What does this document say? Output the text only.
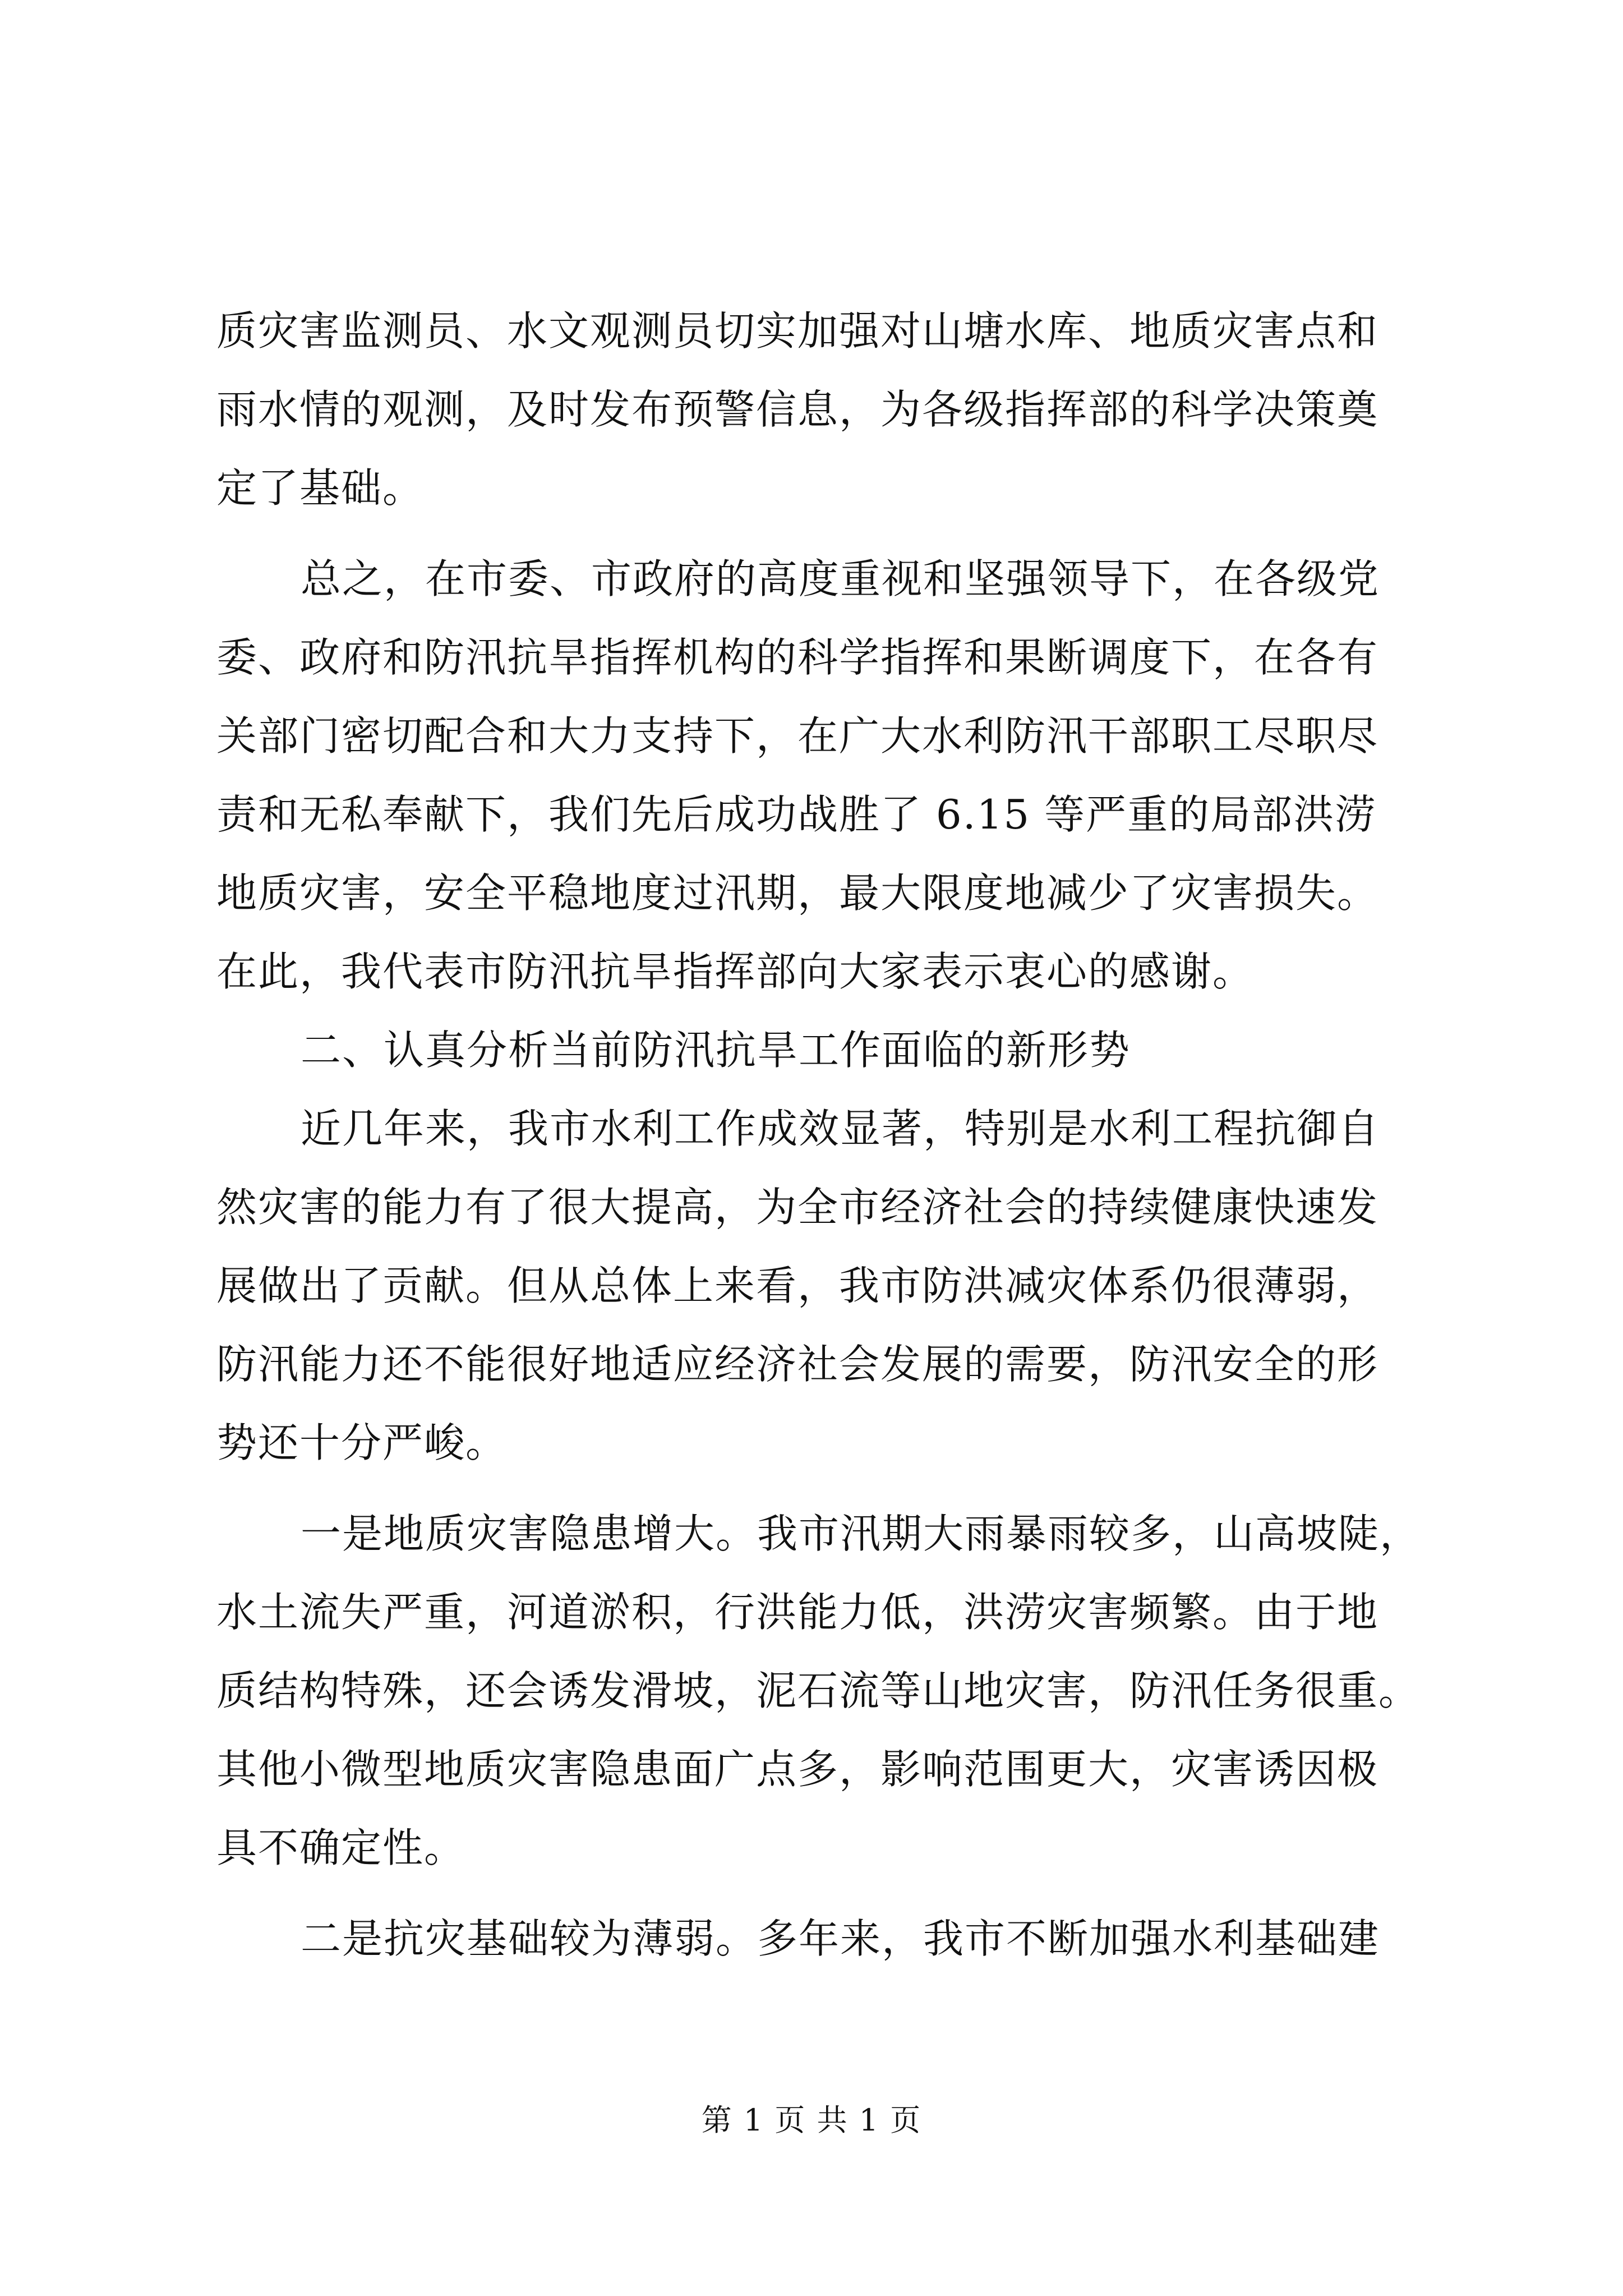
质灾害监测员、水文观测员切实加强对山塘水库、地质灾害点和
雨水情的观测，及时发布预警信息，为各级指挥部的科学决策奠
定了基础。
总之，在市委、市政府的高度重视和坚强领导下，在各级党
委、政府和防汛抗旱指挥机构的科学指挥和果断调度下，在各有
关部门密切配合和大力支持下，在广大水利防汛干部职工尽职尽
责和无私奉献下，我们先后成功战胜了 6.15 等严重的局部洪涝
地质灾害，安全平稳地度过汛期，最大限度地减少了灾害损失。
在此，我代表市防汛抗旱指挥部向大家表示衷心的感谢。
二、认真分析当前防汛抗旱工作面临的新形势
近几年来，我市水利工作成效显著，特别是水利工程抗御自
然灾害的能力有了很大提高，为全市经济社会的持续健康快速发
展做出了贡献。但从总体上来看，我市防洪减灾体系仍很薄弱，
防汛能力还不能很好地适应经济社会发展的需要，防汛安全的形
势还十分严峻。
一是地质灾害隐患增大。我市汛期大雨暴雨较多，山高坡陡，
水土流失严重，河道淤积，行洪能力低，洪涝灾害频繁。由于地
质结构特殊，还会诱发滑坡，泥石流等山地灾害，防汛任务很重。
其他小微型地质灾害隐患面广点多，影响范围更大，灾害诱因极
具不确定性。
二是抗灾基础较为薄弱。多年来，我市不断加强水利基础建
第 1 页 共 1 页
